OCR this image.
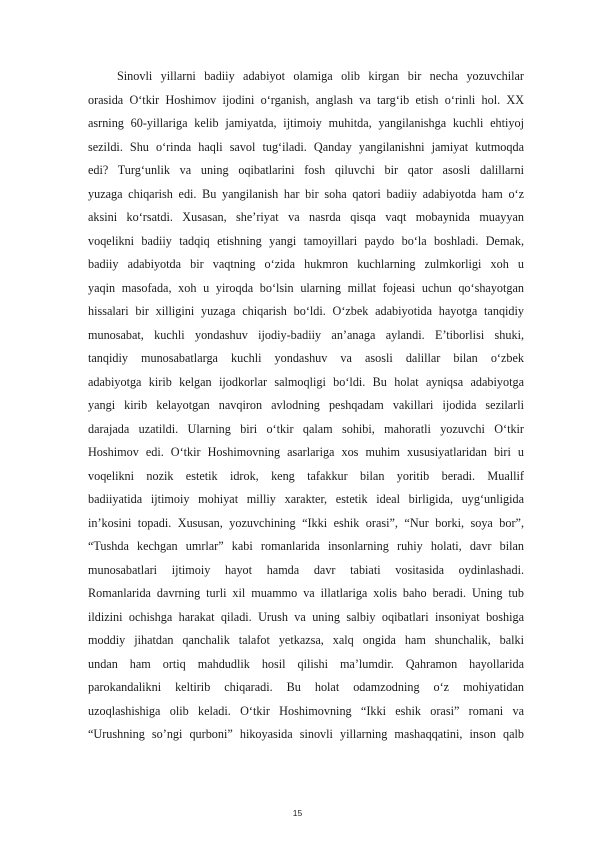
Sinovli yillarni badiiy adabiyot olamiga olib kirgan bir necha yozuvchilar
orasida O‘tkir Hoshimov ijodini o‘rganish, anglash va targ‘ib etish o‘rinli hol. XX
asrning 60-yillariga kelib jamiyatda, ijtimoiy muhitda, yangilanishga kuchli ehtiyoj
sezildi. Shu o‘rinda haqli savol tug‘iladi. Qanday yangilanishni jamiyat kutmoqda
edi? Turg‘unlik va uning oqibatlarini fosh qiluvchi bir qator asosli dalillarni
yuzaga chiqarish edi. Bu yangilanish har bir soha qatori badiiy adabiyotda ham o‘z
aksini ko‘rsatdi. Xusasan, she’riyat va nasrda qisqa vaqt mobaynida muayyan
voqelikni badiiy tadqiq etishning yangi tamoyillari paydo bo‘la boshladi. Demak,
badiiy adabiyotda bir vaqtning o‘zida hukmron kuchlarning zulmkorligi xoh u
yaqin masofada, xoh u yiroqda bo‘lsin ularning millat fojeasi uchun qo‘shayotgan
hissalari bir xilligini yuzaga chiqarish bo‘ldi. O‘zbek adabiyotida hayotga tanqidiy
munosabat, kuchli yondashuv ijodiy-badiiy an’anaga aylandi. E’tiborlisi shuki,
tanqidiy munosabatlarga kuchli yondashuv va asosli dalillar bilan o‘zbek
adabiyotga kirib kelgan ijodkorlar salmoqligi bo‘ldi. Bu holat ayniqsa adabiyotga
yangi kirib kelayotgan navqiron avlodning peshqadam vakillari ijodida sezilarli
darajada uzatildi. Ularning biri o‘tkir qalam sohibi, mahoratli yozuvchi O‘tkir
Hoshimov edi. O‘tkir Hoshimovning asarlariga xos muhim xususiyatlaridan biri u
voqelikni nozik estetik idrok, keng tafakkur bilan yoritib beradi. Muallif
badiiyatida ijtimoiy mohiyat milliy xarakter, estetik ideal birligida, uyg‘unligida
in’kosini topadi. Xususan, yozuvchining “Ikki eshik orasi”, “Nur borki, soya bor”,
“Tushda kechgan umrlar” kabi romanlarida insonlarning ruhiy holati, davr bilan
munosabatlari ijtimoiy hayot hamda davr tabiati vositasida oydinlashadi.
Romanlarida davrning turli xil muammo va illatlariga xolis baho beradi. Uning tub
ildizini ochishga harakat qiladi. Urush va uning salbiy oqibatlari insoniyat boshiga
moddiy jihatdan qanchalik talafot yetkazsa, xalq ongida ham shunchalik, balki
undan ham ortiq mahdudlik hosil qilishi ma’lumdir. Qahramon hayollarida
parokandalikni keltirib chiqaradi. Bu holat odamzodning o‘z mohiyatidan
uzoqlashishiga olib keladi. O‘tkir Hoshimovning “Ikki eshik orasi” romani va
“Urushning so’ngi qurboni” hikoyasida sinovli yillarning mashaqqatini, inson qalb
15
